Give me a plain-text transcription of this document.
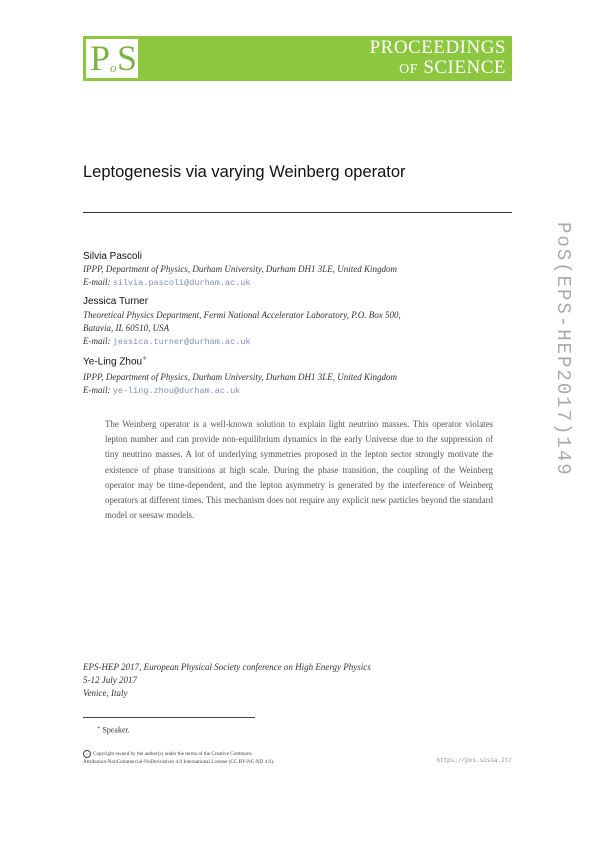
P o S	PROCEEDINGS
OF SCIENCE
Leptogenesis via varying Weinberg operator
Silvia Pascoli
IPPP, Department of Physics, Durham University, Durham DH1 3LE, United Kingdom
E-mail: silvia.pascoli@durham.ac.uk
Jessica Turner
Theoretical Physics Department, Fermi National Accelerator Laboratory, P.O. Box 500,
Batavia, IL 60510, USA
E-mail: jessica.turner@durham.ac.uk
Ye-Ling Zhou∗
IPPP, Department of Physics, Durham University, Durham DH1 3LE, United Kingdom
E-mail: ye-ling.zhou@durham.ac.uk
The Weinberg operator is a well-known solution to explain light neutrino masses. This operator violates lepton number and can provide non-equilibrium dynamics in the early Universe due to the suppression of tiny neutrino masses. A lot of underlying symmetries proposed in the lepton sector strongly motivate the existence of phase transitions at high scale. During the phase transition, the coupling of the Weinberg operator may be time-dependent, and the lepton asymmetry is generated by the interference of Weinberg operators at different times. This mechanism does not require any explicit new particles beyond the standard model or seesaw models.
PoS(EPS-HEP2017)149
EPS-HEP 2017, European Physical Society conference on High Energy Physics
5-12 July 2017
Venice, Italy
∗ Speaker.
c Copyright owned by the author(s) under the terms of the Creative Commons
Attribution-NonCommercial-NoDerivatives 4.0 International License (CC BY-NC-ND 4.0).	https://pos.sissa.it/
